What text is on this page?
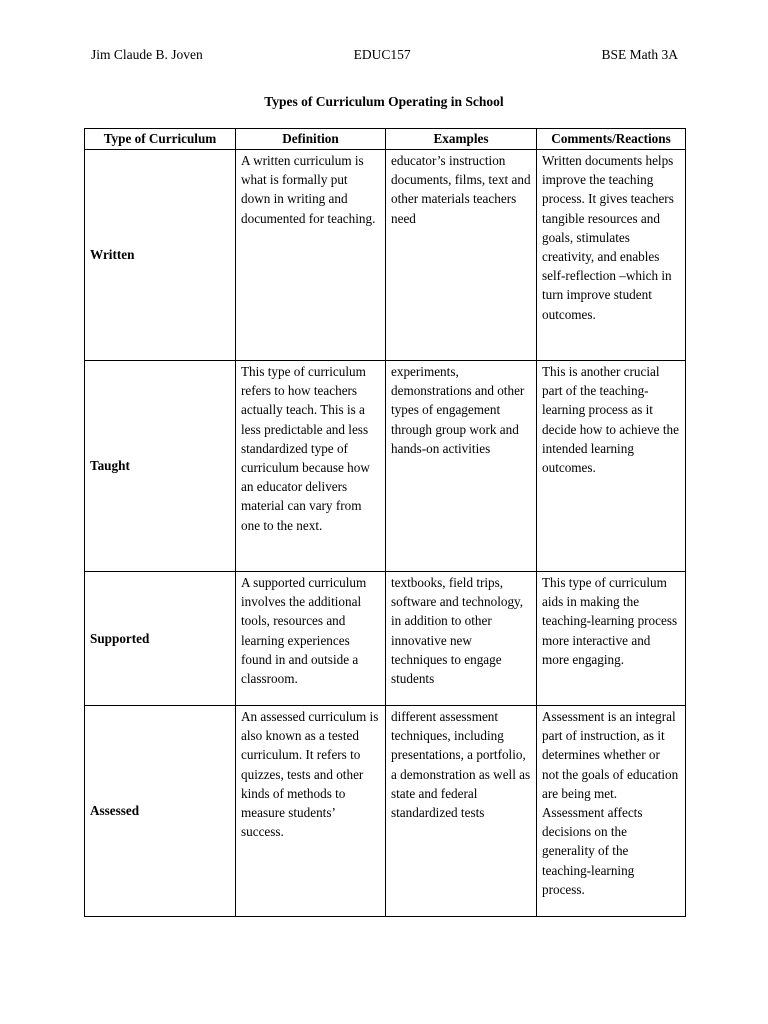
Jim Claude B. Joven	EDUC157	BSE Math 3A
Types of Curriculum Operating in School
Type of Curriculum	Definition	Examples	Comments/Reactions
Written	A written curriculum is what is formally put down in writing and documented for teaching.	educator’s instruction documents, films, text and other materials teachers need	Written documents helps improve the teaching process. It gives teachers tangible resources and goals, stimulates creativity, and enables self-reflection –which in turn improve student outcomes.
Taught	This type of curriculum refers to how teachers actually teach. This is a less predictable and less standardized type of curriculum because how an educator delivers material can vary from one to the next.	experiments, demonstrations and other types of engagement through group work and hands-on activities	This is another crucial part of the teaching-learning process as it decide how to achieve the intended learning outcomes.
Supported	A supported curriculum involves the additional tools, resources and learning experiences found in and outside a classroom.	textbooks, field trips, software and technology, in addition to other innovative new techniques to engage students	This type of curriculum aids in making the teaching-learning process more interactive and more engaging.
Assessed	An assessed curriculum is also known as a tested curriculum. It refers to quizzes, tests and other kinds of methods to measure students’ success.	different assessment techniques, including presentations, a portfolio, a demonstration as well as state and federal standardized tests	Assessment is an integral part of instruction, as it determines whether or not the goals of education are being met. Assessment affects decisions on the generality of the teaching-learning process.
